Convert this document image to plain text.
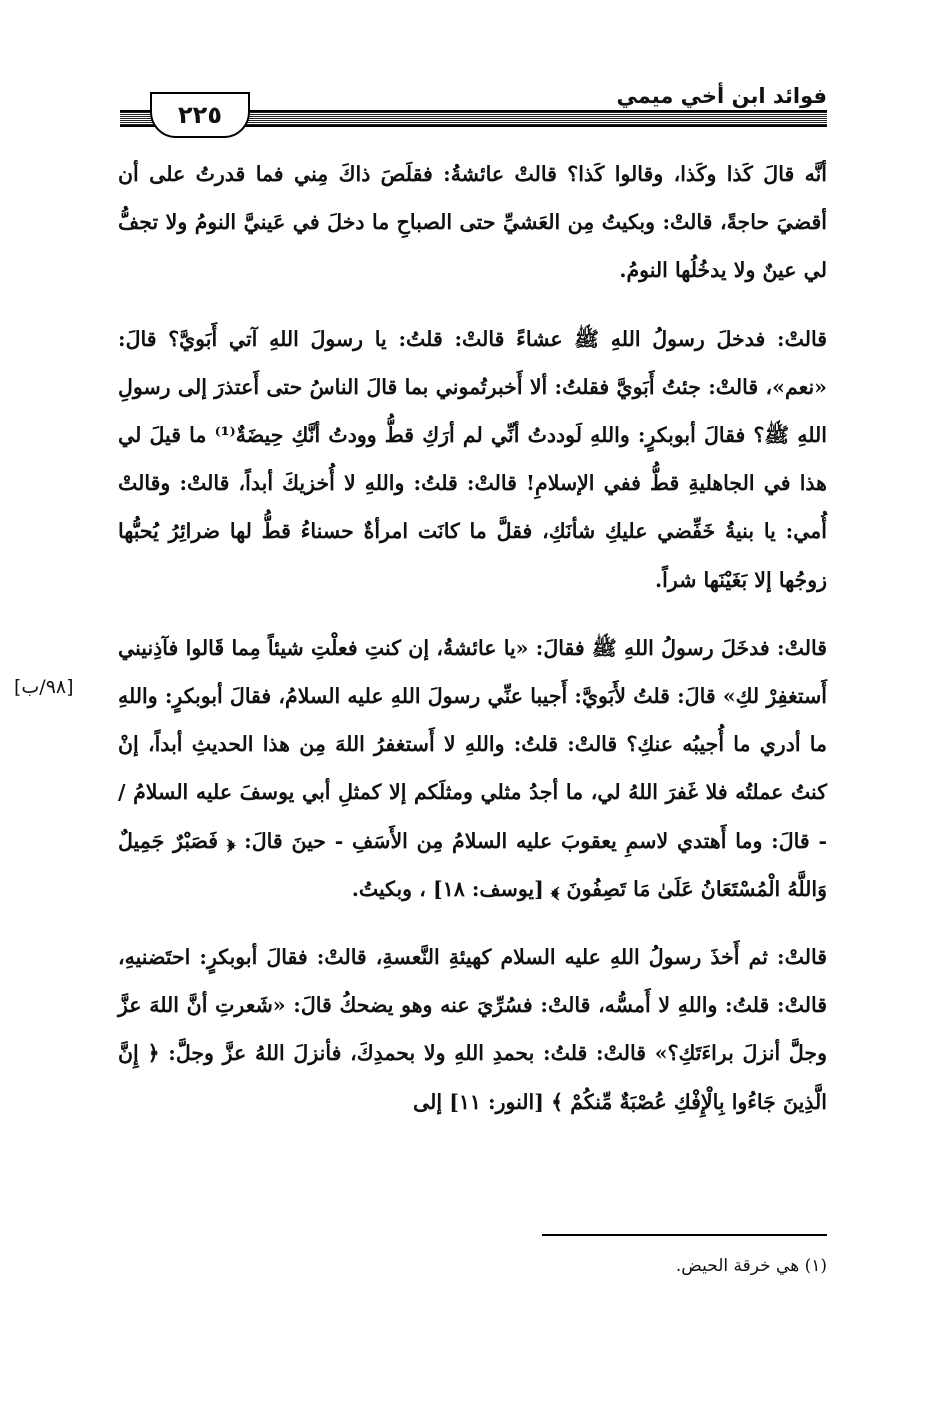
فوائد ابن أخي ميمي
٢٢٥

أنَّه قالَ كَذا وكَذا، وقالوا كَذا؟ قالتْ عائشةُ: فقلَصَ ذاكَ مِني فما قدرتُ على أن أقضيَ حاجةً، قالتْ: وبكيتُ مِن العَشيِّ حتى الصباحِ ما دخلَ في عَينيَّ النومُ ولا تجفُّ لي عينٌ ولا يدخُلُها النومُ.

قالتْ: فدخلَ رسولُ اللهِ ﷺ عشاءً قالتْ: قلتُ: يا رسولَ اللهِ آتي أَبَويَّ؟ قالَ: «نعم»، قالتْ: جئتُ أَبَويَّ فقلتُ: ألا أَخبرتُموني بما قالَ الناسُ حتى أَعتذرَ إلى رسولِ اللهِ ﷺ؟ فقالَ أبوبكرٍ: واللهِ لَوددتُ أنِّي لم أرَكِ قطُّ وودتُ أنَّكِ حِيضَةٌ⁽¹⁾ ما قيلَ لي هذا في الجاهليةِ قطُّ ففي الإسلامِ! قالتْ: قلتُ: واللهِ لا أُخزيكَ أبداً، قالتْ: وقالتْ أُمي: يا بنيةُ خَفِّضي عليكِ شأنَكِ، فقلَّ ما كانَت امرأةٌ حسناءُ قطُّ لها ضرائِرُ يُحبُّها زوجُها إلا بَغَيْنَها شراً.

قالتْ: فدخَلَ رسولُ اللهِ ﷺ فقالَ: «يا عائشةُ، إن كنتِ فعلْتِ شيئاً مِما قَالوا فآذِنيني أَستغفِرْ لكِ» قالَ: قلتُ لأَبَويَّ: أَجيبا عنِّي رسولَ اللهِ عليه السلامُ، فقالَ أبوبكرٍ: واللهِ ما أدري ما أُجيبُه عنكِ؟ قالتْ: قلتُ: واللهِ لا أَستغفرُ اللهَ مِن هذا الحديثِ أبداً، إنْ كنتُ عملتُه فلا غَفرَ اللهُ لي، ما أجدُ مثلي ومثلَكم إلا كمثلِ أبي يوسفَ عليه السلامُ / - قالَ: وما أَهتدي لاسمِ يعقوبَ عليه السلامُ مِن الأَسَفِ - حينَ قالَ: ﴿ فَصَبْرٌ جَمِيلٌ وَاللَّهُ الْمُسْتَعَانُ عَلَىٰ مَا تَصِفُونَ ﴾ [يوسف: ١٨] ، وبكيتُ.

قالتْ: ثم أَخذَ رسولُ اللهِ عليه السلام كهيئةِ النَّعسةِ، قالتْ: فقالَ أبوبكرٍ: احتَضنيهِ، قالتْ: قلتُ: واللهِ لا أَمسُّه، قالتْ: فسُرِّيَ عنه وهو يضحكُ قالَ: «شَعرتِ أنَّ اللهَ عزَّ وجلَّ أنزلَ براءَتَكِ؟» قالتْ: قلتُ: بحمدِ اللهِ ولا بحمدِكَ، فأنزلَ اللهُ عزَّ وجلَّ: ﴿ إِنَّ الَّذِينَ جَاءُوا بِالْإِفْكِ عُصْبَةٌ مِّنكُمْ ﴾ [النور: ١١] إلى

[٩٨/ب]
(١) هي خرقة الحيض.
